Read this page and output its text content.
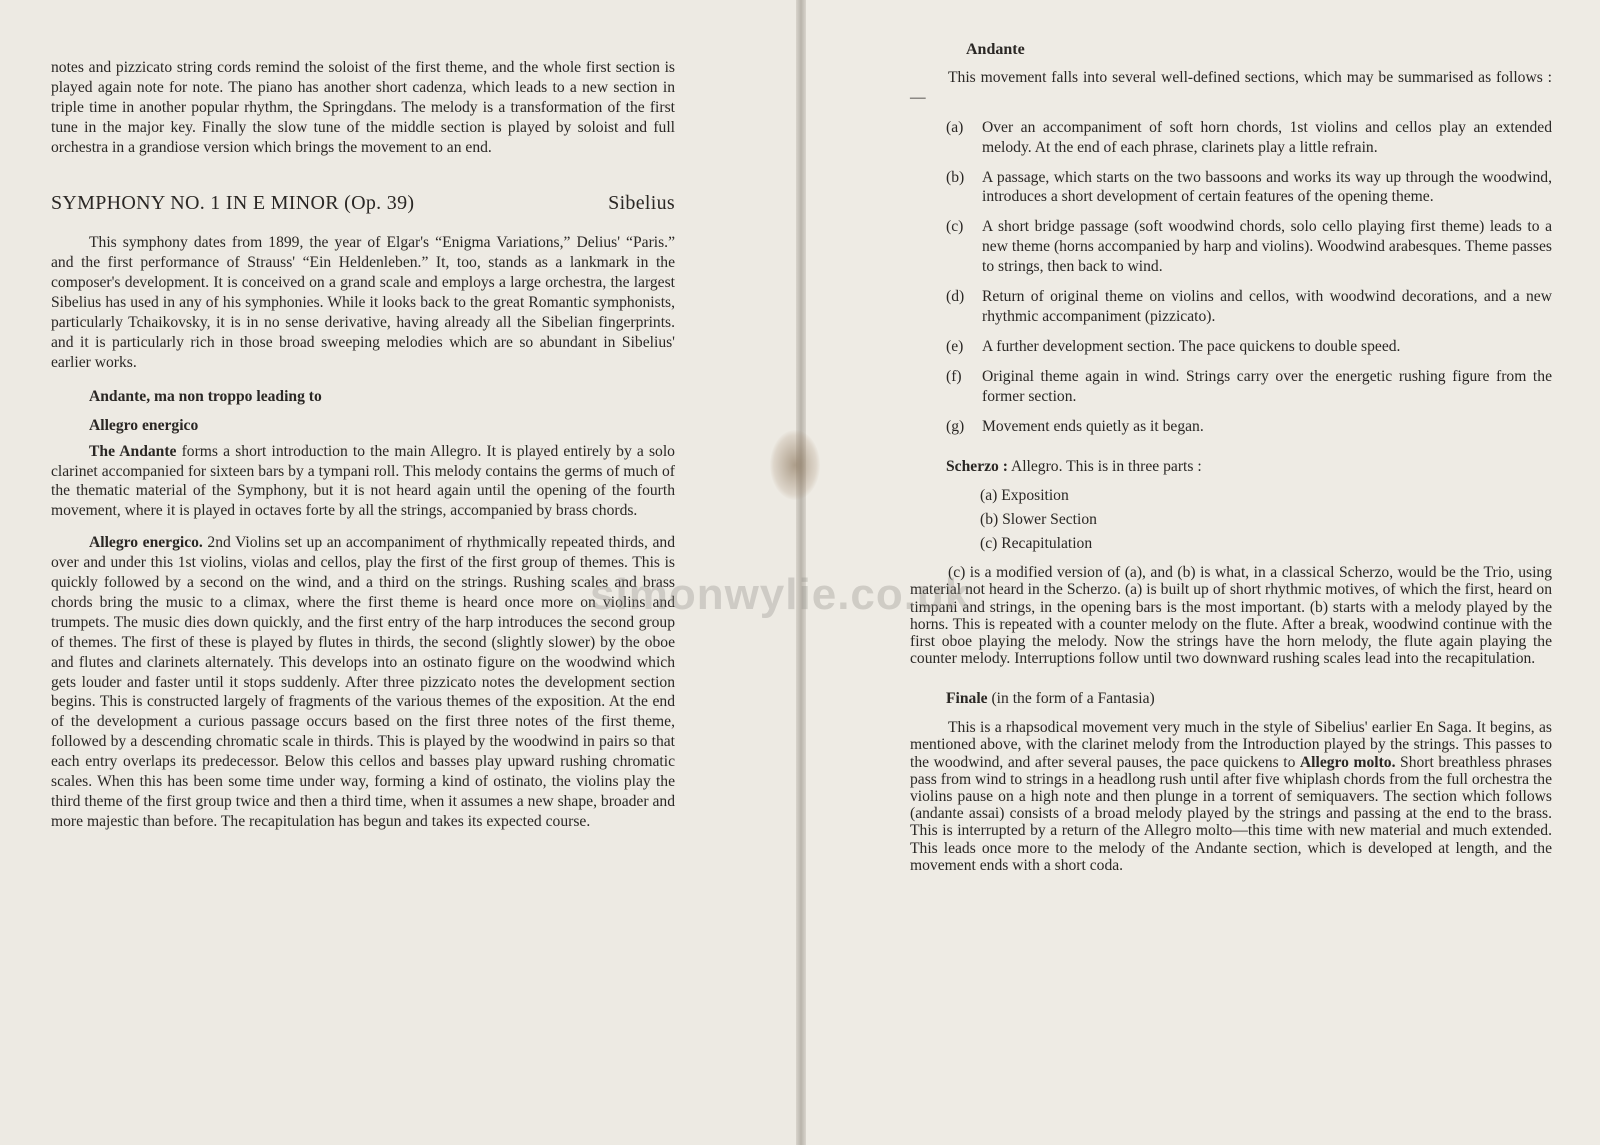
notes and pizzicato string cords remind the soloist of the first theme, and the whole first section is played again note for note. The piano has another short cadenza, which leads to a new section in triple time in another popular rhythm, the Springdans. The melody is a transformation of the first tune in the major key. Finally the slow tune of the middle section is played by soloist and full orchestra in a grandiose version which brings the movement to an end.

SYMPHONY NO. 1 IN E MINOR (Op. 39)	Sibelius

This symphony dates from 1899, the year of Elgar's “Enigma Variations,” Delius' “Paris.” and the first performance of Strauss' “Ein Heldenleben.” It, too, stands as a lankmark in the composer's development. It is conceived on a grand scale and employs a large orchestra, the largest Sibelius has used in any of his symphonies. While it looks back to the great Romantic symphonists, particularly Tchaikovsky, it is in no sense derivative, having already all the Sibelian fingerprints. and it is particularly rich in those broad sweeping melodies which are so abundant in Sibelius' earlier works.

Andante, ma non troppo leading to
Allegro energico

The Andante forms a short introduction to the main Allegro. It is played entirely by a solo clarinet accompanied for sixteen bars by a tympani roll. This melody contains the germs of much of the thematic material of the Symphony, but it is not heard again until the opening of the fourth movement, where it is played in octaves forte by all the strings, accompanied by brass chords.

Allegro energico. 2nd Violins set up an accompaniment of rhythmically repeated thirds, and over and under this 1st violins, violas and cellos, play the first of the first group of themes. This is quickly followed by a second on the wind, and a third on the strings. Rushing scales and brass chords bring the music to a climax, where the first theme is heard once more on violins and trumpets. The music dies down quickly, and the first entry of the harp introduces the second group of themes. The first of these is played by flutes in thirds, the second (slightly slower) by the oboe and flutes and clarinets alternately. This develops into an ostinato figure on the woodwind which gets louder and faster until it stops suddenly. After three pizzicato notes the development section begins. This is constructed largely of fragments of the various themes of the exposition. At the end of the development a curious passage occurs based on the first three notes of the first theme, followed by a descending chromatic scale in thirds. This is played by the woodwind in pairs so that each entry overlaps its predecessor. Below this cellos and basses play upward rushing chromatic scales. When this has been some time under way, forming a kind of ostinato, the violins play the third theme of the first group twice and then a third time, when it assumes a new shape, broader and more majestic than before. The recapitulation has begun and takes its expected course.

Andante

This movement falls into several well-defined sections, which may be summarised as follows :—

(a)	Over an accompaniment of soft horn chords, 1st violins and cellos play an extended melody. At the end of each phrase, clarinets play a little refrain.
(b)	A passage, which starts on the two bassoons and works its way up through the woodwind, introduces a short development of certain features of the opening theme.
(c)	A short bridge passage (soft woodwind chords, solo cello playing first theme) leads to a new theme (horns accompanied by harp and violins). Woodwind arabesques. Theme passes to strings, then back to wind.
(d)	Return of original theme on violins and cellos, with woodwind decorations, and a new rhythmic accompaniment (pizzicato).
(e)	A further development section. The pace quickens to double speed.
(f)	Original theme again in wind. Strings carry over the energetic rushing figure from the former section.
(g)	Movement ends quietly as it began.
Scherzo : Allegro. This is in three parts :
(a) Exposition
(b) Slower Section
(c) Recapitulation

(c) is a modified version of (a), and (b) is what, in a classical Scherzo, would be the Trio, using material not heard in the Scherzo. (a) is built up of short rhythmic motives, of which the first, heard on timpani and strings, in the opening bars is the most important. (b) starts with a melody played by the horns. This is repeated with a counter melody on the flute. After a break, woodwind continue with the first oboe playing the melody. Now the strings have the horn melody, the flute again playing the counter melody. Interruptions follow until two downward rushing scales lead into the recapitulation.

Finale (in the form of a Fantasia)

This is a rhapsodical movement very much in the style of Sibelius' earlier En Saga. It begins, as mentioned above, with the clarinet melody from the Introduction played by the strings. This passes to the woodwind, and after several pauses, the pace quickens to Allegro molto. Short breathless phrases pass from wind to strings in a headlong rush until after five whiplash chords from the full orchestra the violins pause on a high note and then plunge in a torrent of semiquavers. The section which follows (andante assai) consists of a broad melody played by the strings and passing at the end to the brass. This is interrupted by a return of the Allegro molto—this time with new material and much extended. This leads once more to the melody of the Andante section, which is developed at length, and the movement ends with a short coda.

simonwylie.co.uk
